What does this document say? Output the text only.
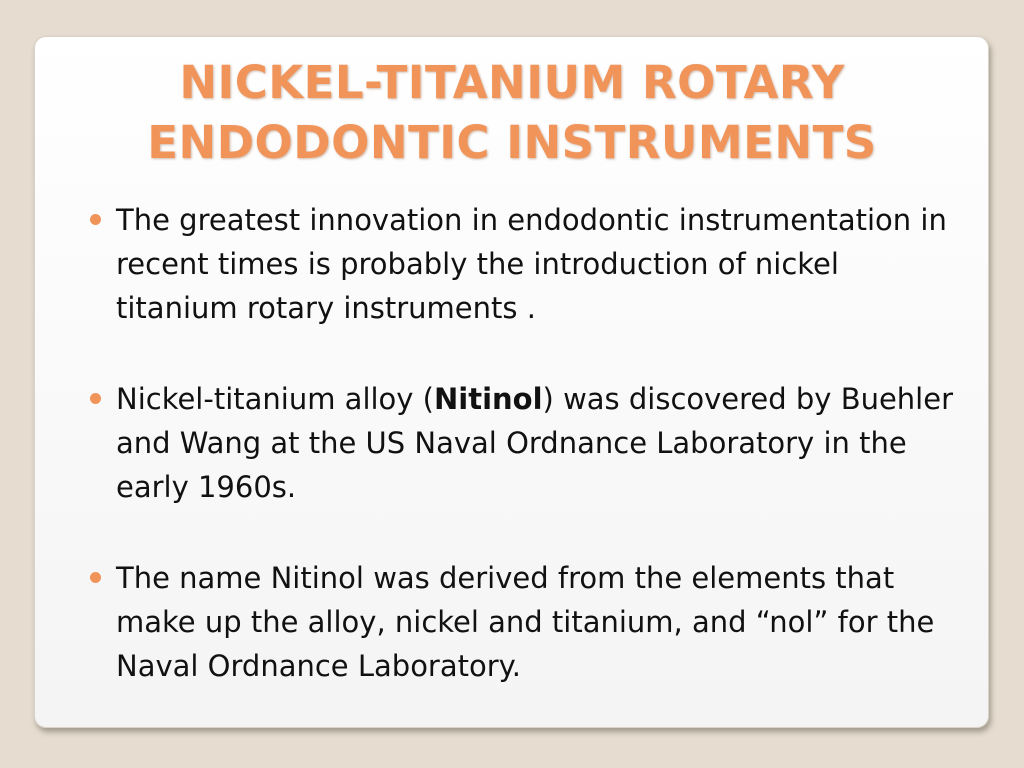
NICKEL-TITANIUM ROTARY
ENDODONTIC INSTRUMENTS
The greatest innovation in endodontic instrumentation in recent times is probably the introduction of nickel titanium rotary instruments .
Nickel-titanium alloy (Nitinol) was discovered by Buehler and Wang at the US Naval Ordnance Laboratory in the early 1960s.
The name Nitinol was derived from the elements that make up the alloy, nickel and titanium, and “nol” for the Naval Ordnance Laboratory.
